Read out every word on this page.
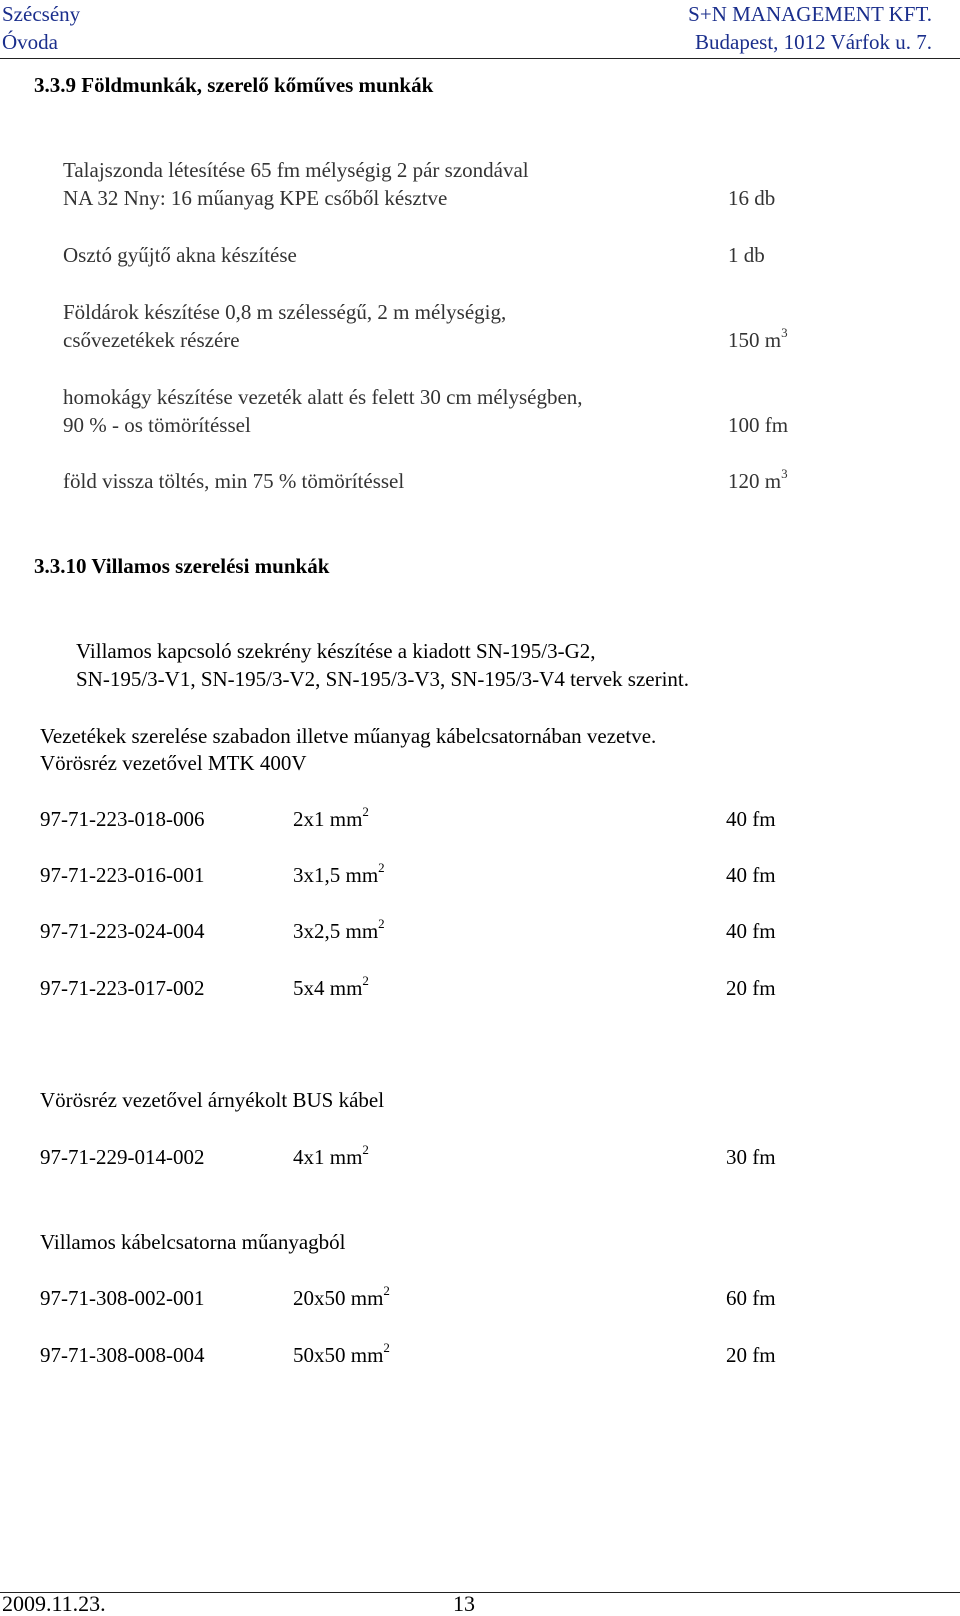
Szécsény
Óvoda
S+N MANAGEMENT KFT.
Budapest, 1012 Várfok u. 7.
3.3.9 Földmunkák, szerelő kőműves munkák
Talajszonda létesítése 65 fm mélységig 2 pár szondával
NA 32 Nny: 16 műanyag KPE csőből késztve	16 db
Osztó gyűjtő akna készítése	1 db
Földárok készítése 0,8 m szélességű, 2 m mélységig,
csővezetékek részére	150 $m^3$
homokágy készítése vezeték alatt és felett 30 cm mélységben,
90 % - os tömörítéssel	100 fm
föld vissza töltés, min 75 % tömörítéssel	120 $m^3$
3.3.10 Villamos szerelési munkák
Villamos kapcsoló szekrény készítése a kiadott SN-195/3-G2,
SN-195/3-V1, SN-195/3-V2, SN-195/3-V3, SN-195/3-V4 tervek szerint.
Vezetékek szerelése szabadon illetve műanyag kábelcsatornában vezetve.
Vörösréz vezetővel MTK 400V
97-71-223-018-006	2x1 $mm^2$	40 fm
97-71-223-016-001	3x1,5 $mm^2$	40 fm
97-71-223-024-004	3x2,5 $mm^2$	40 fm
97-71-223-017-002	5x4 $mm^2$	20 fm
Vörösréz vezetővel árnyékolt BUS kábel
97-71-229-014-002	4x1 $mm^2$	30 fm
Villamos kábelcsatorna műanyagból
97-71-308-002-001	20x50 $mm^2$	60 fm
97-71-308-008-004	50x50 $mm^2$	20 fm
2009.11.23.	13
